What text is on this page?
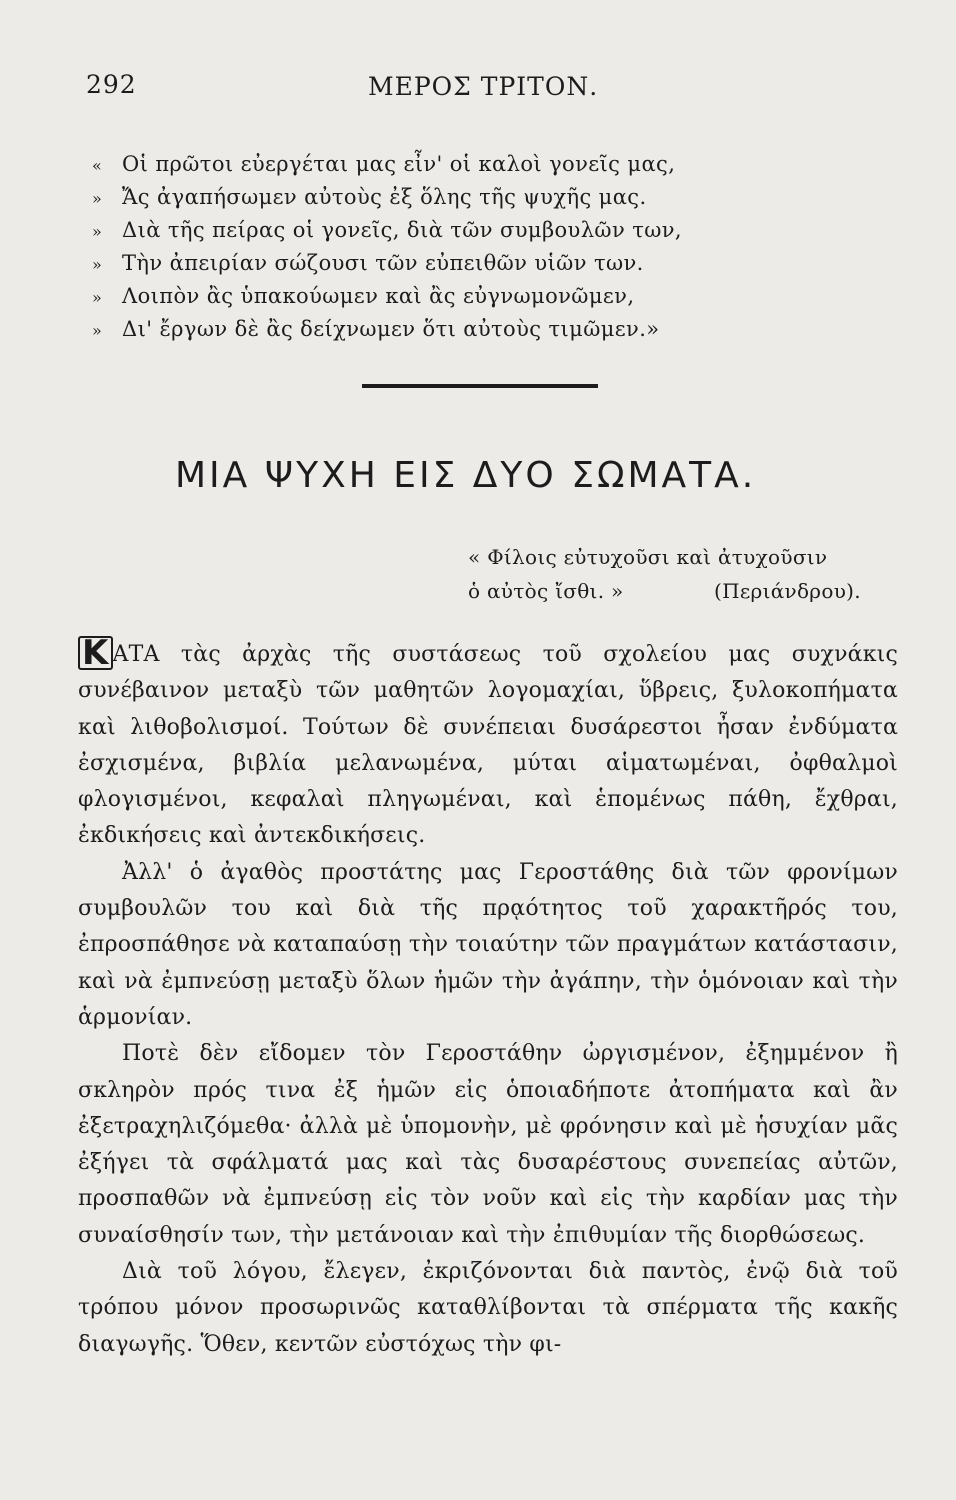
292	ΜΕΡΟΣ ΤΡΙΤΟΝ.
« Οἱ πρῶτοι εὐεργέται μας εἶν' οἱ καλοὶ γονεῖς μας,
» Ἄς ἀγαπήσωμεν αὐτοὺς ἐξ ὅλης τῆς ψυχῆς μας.
» Διὰ τῆς πείρας οἱ γονεῖς, διὰ τῶν συμβουλῶν των,
» Τὴν ἀπειρίαν σώζουσι τῶν εὐπειθῶν υἱῶν των.
» Λοιπὸν ἂς ὑπακούωμεν καὶ ἂς εὐγνωμονῶμεν,
» Δι' ἔργων δὲ ἂς δείχνωμεν ὅτι αὐτοὺς τιμῶμεν.»
ΜΙΑ ΨΥΧΗ ΕΙΣ ΔΥΟ ΣΩΜΑΤΑ.
« Φίλοις εὐτυχοῦσι καὶ ἀτυχοῦσιν
ὁ αὐτὸς ἴσθι. »	(Περιάνδρου).

Κ ΑΤΑ τὰς ἀρχὰς τῆς συστάσεως τοῦ σχολείου μας συχνάκις συνέβαινον μεταξὺ τῶν μαθητῶν λογομαχίαι, ὕβρεις, ξυλοκοπήματα καὶ λιθοβολισμοί. Τούτων δὲ συνέπειαι δυσάρεστοι ἦσαν ἐνδύματα ἐσχισμένα, βιβλία μελανωμένα, μύται αἱματωμέναι, ὀφθαλμοὶ φλογισμένοι, κεφαλαὶ πληγωμέναι, καὶ ἑπομένως πάθη, ἔχθραι, ἐκδικήσεις καὶ ἀντεκδικήσεις.

Ἀλλ' ὁ ἀγαθὸς προστάτης μας Γεροστάθης διὰ τῶν φρονίμων συμβουλῶν του καὶ διὰ τῆς πρᾳότητος τοῦ χαρακτῆρός του, ἐπροσπάθησε νὰ καταπαύσῃ τὴν τοιαύτην τῶν πραγμάτων κατάστασιν, καὶ νὰ ἐμπνεύσῃ μεταξὺ ὅλων ἡμῶν τὴν ἀγάπην, τὴν ὁμόνοιαν καὶ τὴν ἁρμονίαν.

Ποτὲ δὲν εἴδομεν τὸν Γεροστάθην ὠργισμένον, ἐξημμένον ἢ σκληρὸν πρός τινα ἐξ ἡμῶν εἰς ὁποιαδήποτε ἀτοπήματα καὶ ἂν ἐξετραχηλιζόμεθα· ἀλλὰ μὲ ὑπομονὴν, μὲ φρόνησιν καὶ μὲ ἡσυχίαν μᾶς ἐξήγει τὰ σφάλματά μας καὶ τὰς δυσαρέστους συνεπείας αὐτῶν, προσπαθῶν νὰ ἐμπνεύσῃ εἰς τὸν νοῦν καὶ εἰς τὴν καρδίαν μας τὴν συναίσθησίν των, τὴν μετάνοιαν καὶ τὴν ἐπιθυμίαν τῆς διορθώσεως.

Διὰ τοῦ λόγου, ἔλεγεν, ἐκριζόνονται διὰ παντὸς, ἐνῷ διὰ τοῦ τρόπου μόνον προσωρινῶς καταθλίβονται τὰ σπέρματα τῆς κακῆς διαγωγῆς. Ὅθεν, κεντῶν εὐστόχως τὴν φι-
